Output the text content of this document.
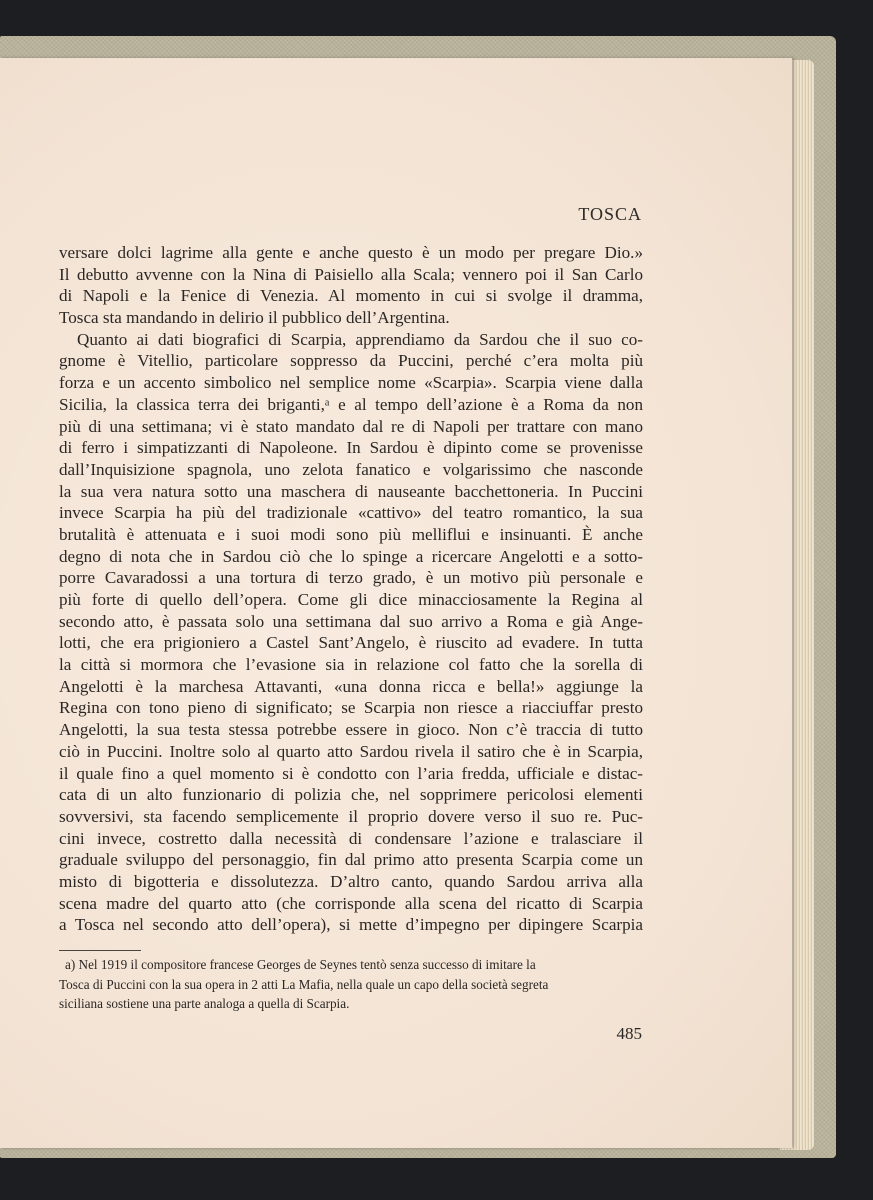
TOSCA
versare dolci lagrime alla gente e anche questo è un modo per pregare Dio.»
Il debutto avvenne con la Nina di Paisiello alla Scala; vennero poi il San Carlo
di Napoli e la Fenice di Venezia. Al momento in cui si svolge il dramma,
Tosca sta mandando in delirio il pubblico dell’Argentina.
Quanto ai dati biografici di Scarpia, apprendiamo da Sardou che il suo co-
gnome è Vitellio, particolare soppresso da Puccini, perché c’era molta più
forza e un accento simbolico nel semplice nome «Scarpia». Scarpia viene dalla
Sicilia, la classica terra dei briganti,ᵃ e al tempo dell’azione è a Roma da non
più di una settimana; vi è stato mandato dal re di Napoli per trattare con mano
di ferro i simpatizzanti di Napoleone. In Sardou è dipinto come se provenisse
dall’Inquisizione spagnola, uno zelota fanatico e volgarissimo che nasconde
la sua vera natura sotto una maschera di nauseante bacchettoneria. In Puccini
invece Scarpia ha più del tradizionale «cattivo» del teatro romantico, la sua
brutalità è attenuata e i suoi modi sono più melliflui e insinuanti. È anche
degno di nota che in Sardou ciò che lo spinge a ricercare Angelotti e a sotto-
porre Cavaradossi a una tortura di terzo grado, è un motivo più personale e
più forte di quello dell’opera. Come gli dice minacciosamente la Regina al
secondo atto, è passata solo una settimana dal suo arrivo a Roma e già Ange-
lotti, che era prigioniero a Castel Sant’Angelo, è riuscito ad evadere. In tutta
la città si mormora che l’evasione sia in relazione col fatto che la sorella di
Angelotti è la marchesa Attavanti, «una donna ricca e bella!» aggiunge la
Regina con tono pieno di significato; se Scarpia non riesce a riacciuffar presto
Angelotti, la sua testa stessa potrebbe essere in gioco. Non c’è traccia di tutto
ciò in Puccini. Inoltre solo al quarto atto Sardou rivela il satiro che è in Scarpia,
il quale fino a quel momento si è condotto con l’aria fredda, ufficiale e distac-
cata di un alto funzionario di polizia che, nel sopprimere pericolosi elementi
sovversivi, sta facendo semplicemente il proprio dovere verso il suo re. Puc-
cini invece, costretto dalla necessità di condensare l’azione e tralasciare il
graduale sviluppo del personaggio, fin dal primo atto presenta Scarpia come un
misto di bigotteria e dissolutezza. D’altro canto, quando Sardou arriva alla
scena madre del quarto atto (che corrisponde alla scena del ricatto di Scarpia
a Tosca nel secondo atto dell’opera), si mette d’impegno per dipingere Scarpia
a) Nel 1919 il compositore francese Georges de Seynes tentò senza successo di imitare la
Tosca di Puccini con la sua opera in 2 atti La Mafia, nella quale un capo della società segreta
siciliana sostiene una parte analoga a quella di Scarpia.
485
